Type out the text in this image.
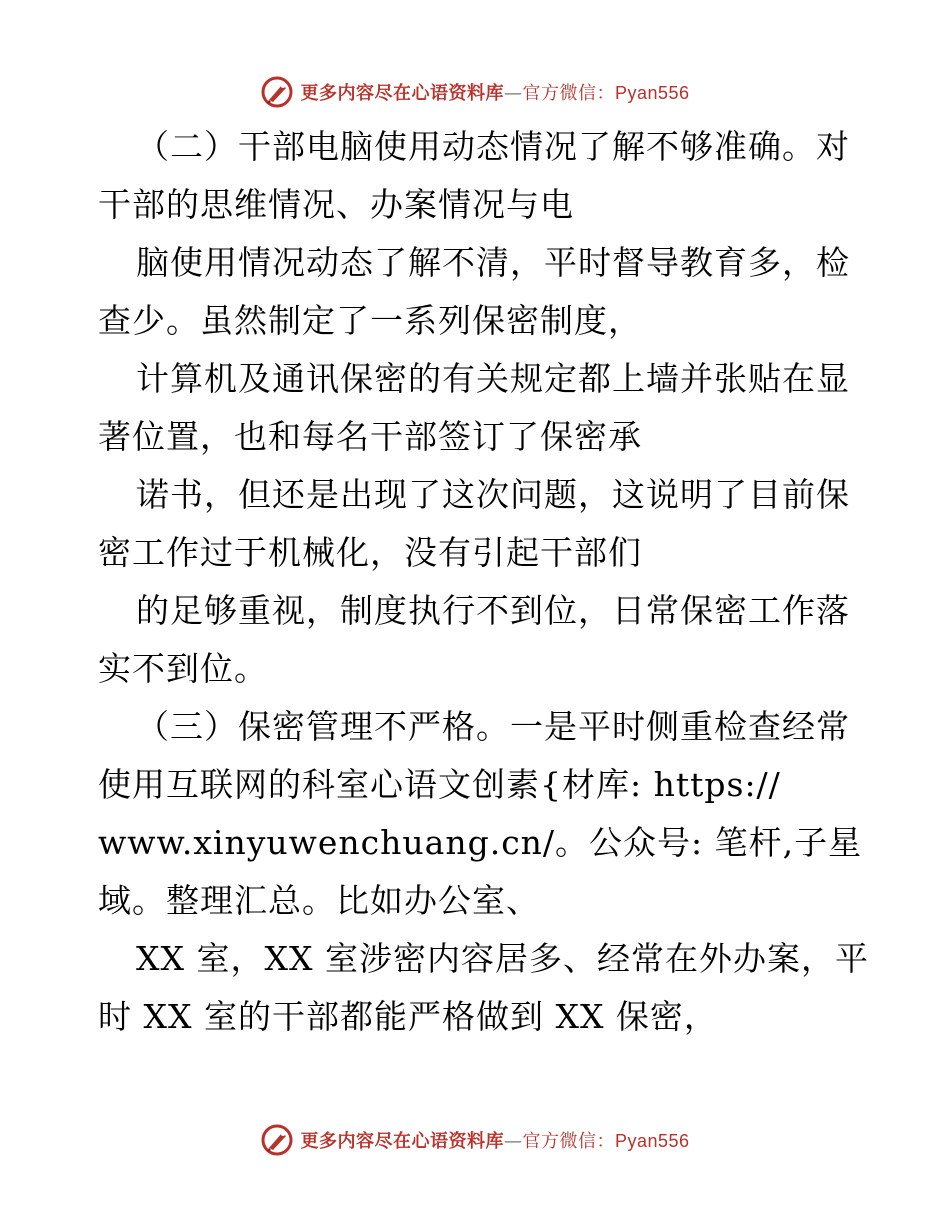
更多内容尽在心语资料库—官方微信：Pyan556
（二）干部电脑使用动态情况了解不够准确。对
干部的思维情况、办案情况与电
脑使用情况动态了解不清，平时督导教育多，检
查少。虽然制定了一系列保密制度，
计算机及通讯保密的有关规定都上墙并张贴在显
著位置，也和每名干部签订了保密承
诺书，但还是出现了这次问题，这说明了目前保
密工作过于机械化，没有引起干部们
的足够重视，制度执行不到位，日常保密工作落
实不到位。
（三）保密管理不严格。一是平时侧重检查经常
使用互联网的科室心语文创素{材库: https://
www.xinyuwenchuang.cn/。公众号: 笔杆,子星
域。整理汇总。比如办公室、
XX 室，XX 室涉密内容居多、经常在外办案，平
时 XX 室的干部都能严格做到 XX 保密，
更多内容尽在心语资料库—官方微信：Pyan556
